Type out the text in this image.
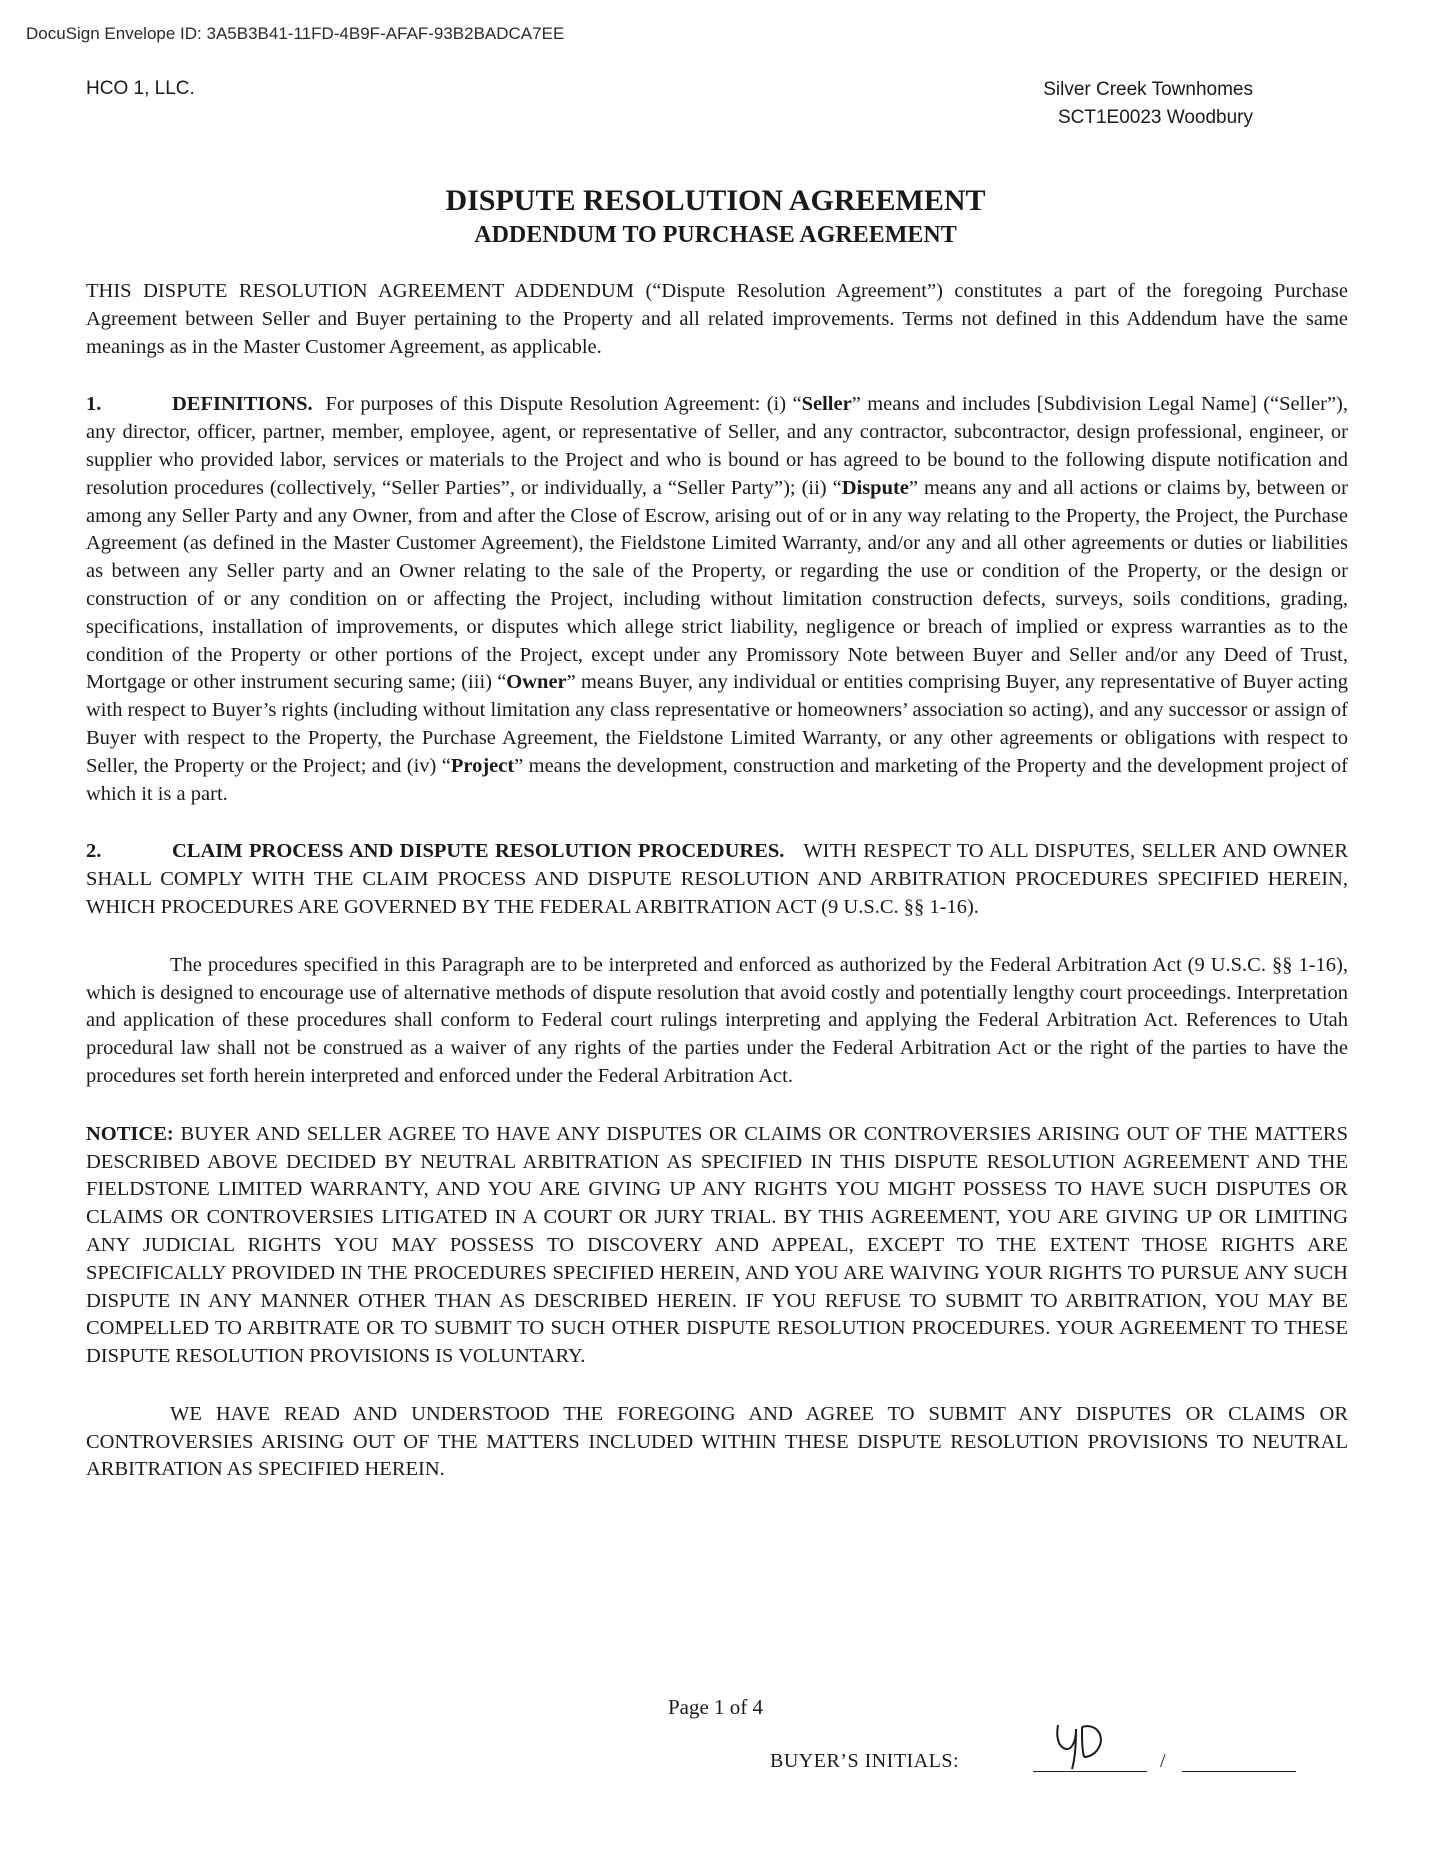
DocuSign Envelope ID: 3A5B3B41-11FD-4B9F-AFAF-93B2BADCA7EE
HCO 1, LLC.	Silver Creek Townhomes
SCT1E0023 Woodbury
DISPUTE RESOLUTION AGREEMENT
ADDENDUM TO PURCHASE AGREEMENT

THIS DISPUTE RESOLUTION AGREEMENT ADDENDUM (“Dispute Resolution Agreement”) constitutes a part of the foregoing Purchase Agreement between Seller and Buyer pertaining to the Property and all related improvements. Terms not defined in this Addendum have the same meanings as in the Master Customer Agreement, as applicable.

1.	DEFINITIONS. For purposes of this Dispute Resolution Agreement: (i) “Seller” means and includes [Subdivision Legal Name] (“Seller”), any director, officer, partner, member, employee, agent, or representative of Seller, and any contractor, subcontractor, design professional, engineer, or supplier who provided labor, services or materials to the Project and who is bound or has agreed to be bound to the following dispute notification and resolution procedures (collectively, “Seller Parties”, or individually, a “Seller Party”); (ii) “Dispute” means any and all actions or claims by, between or among any Seller Party and any Owner, from and after the Close of Escrow, arising out of or in any way relating to the Property, the Project, the Purchase Agreement (as defined in the Master Customer Agreement), the Fieldstone Limited Warranty, and/or any and all other agreements or duties or liabilities as between any Seller party and an Owner relating to the sale of the Property, or regarding the use or condition of the Property, or the design or construction of or any condition on or affecting the Project, including without limitation construction defects, surveys, soils conditions, grading, specifications, installation of improvements, or disputes which allege strict liability, negligence or breach of implied or express warranties as to the condition of the Property or other portions of the Project, except under any Promissory Note between Buyer and Seller and/or any Deed of Trust, Mortgage or other instrument securing same; (iii) “Owner” means Buyer, any individual or entities comprising Buyer, any representative of Buyer acting with respect to Buyer’s rights (including without limitation any class representative or homeowners’ association so acting), and any successor or assign of Buyer with respect to the Property, the Purchase Agreement, the Fieldstone Limited Warranty, or any other agreements or obligations with respect to Seller, the Property or the Project; and (iv) “Project” means the development, construction and marketing of the Property and the development project of which it is a part.

2.	CLAIM PROCESS AND DISPUTE RESOLUTION PROCEDURES. WITH RESPECT TO ALL DISPUTES, SELLER AND OWNER SHALL COMPLY WITH THE CLAIM PROCESS AND DISPUTE RESOLUTION AND ARBITRATION PROCEDURES SPECIFIED HEREIN, WHICH PROCEDURES ARE GOVERNED BY THE FEDERAL ARBITRATION ACT (9 U.S.C. §§ 1-16).

The procedures specified in this Paragraph are to be interpreted and enforced as authorized by the Federal Arbitration Act (9 U.S.C. §§ 1-16), which is designed to encourage use of alternative methods of dispute resolution that avoid costly and potentially lengthy court proceedings. Interpretation and application of these procedures shall conform to Federal court rulings interpreting and applying the Federal Arbitration Act. References to Utah procedural law shall not be construed as a waiver of any rights of the parties under the Federal Arbitration Act or the right of the parties to have the procedures set forth herein interpreted and enforced under the Federal Arbitration Act.

NOTICE: BUYER AND SELLER AGREE TO HAVE ANY DISPUTES OR CLAIMS OR CONTROVERSIES ARISING OUT OF THE MATTERS DESCRIBED ABOVE DECIDED BY NEUTRAL ARBITRATION AS SPECIFIED IN THIS DISPUTE RESOLUTION AGREEMENT AND THE FIELDSTONE LIMITED WARRANTY, AND YOU ARE GIVING UP ANY RIGHTS YOU MIGHT POSSESS TO HAVE SUCH DISPUTES OR CLAIMS OR CONTROVERSIES LITIGATED IN A COURT OR JURY TRIAL. BY THIS AGREEMENT, YOU ARE GIVING UP OR LIMITING ANY JUDICIAL RIGHTS YOU MAY POSSESS TO DISCOVERY AND APPEAL, EXCEPT TO THE EXTENT THOSE RIGHTS ARE SPECIFICALLY PROVIDED IN THE PROCEDURES SPECIFIED HEREIN, AND YOU ARE WAIVING YOUR RIGHTS TO PURSUE ANY SUCH DISPUTE IN ANY MANNER OTHER THAN AS DESCRIBED HEREIN. IF YOU REFUSE TO SUBMIT TO ARBITRATION, YOU MAY BE COMPELLED TO ARBITRATE OR TO SUBMIT TO SUCH OTHER DISPUTE RESOLUTION PROCEDURES. YOUR AGREEMENT TO THESE DISPUTE RESOLUTION PROVISIONS IS VOLUNTARY.

WE HAVE READ AND UNDERSTOOD THE FOREGOING AND AGREE TO SUBMIT ANY DISPUTES OR CLAIMS OR CONTROVERSIES ARISING OUT OF THE MATTERS INCLUDED WITHIN THESE DISPUTE RESOLUTION PROVISIONS TO NEUTRAL ARBITRATION AS SPECIFIED HEREIN.

Page 1 of 4
BUYER’S INITIALS:	/
